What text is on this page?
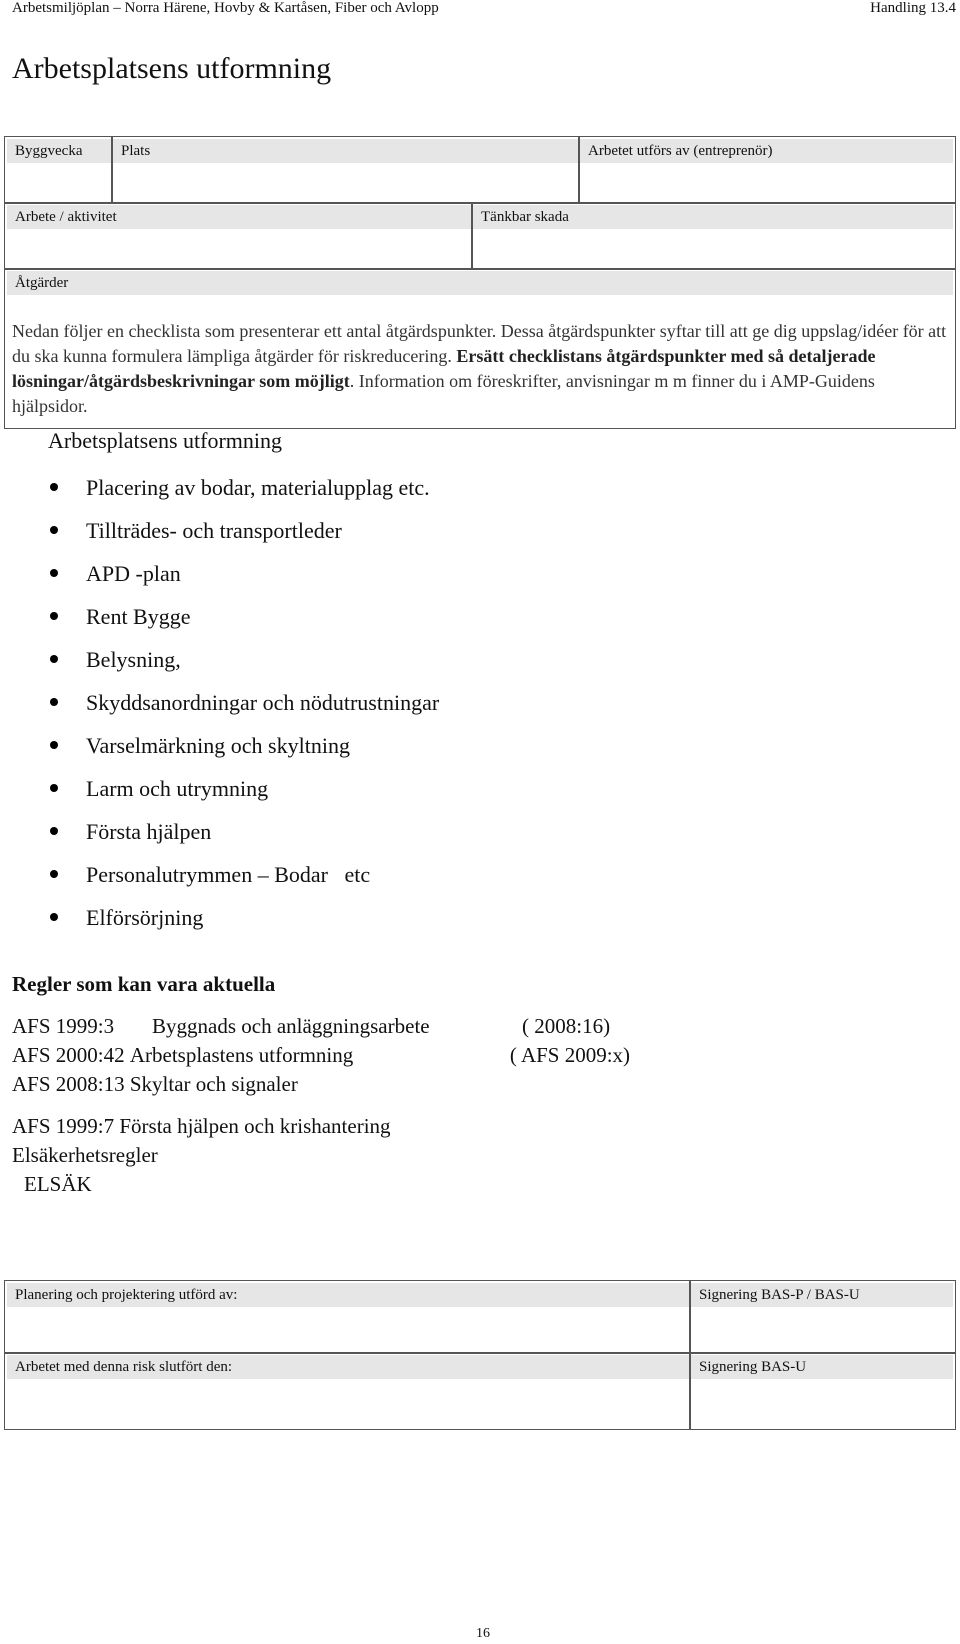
Arbetsmiljöplan – Norra Härene, Hovby & Kartåsen, Fiber och Avlopp	Handling 13.4
Arbetsplatsens utformning
Byggvecka	Plats	Arbetet utförs av (entreprenör)
Arbete / aktivitet	Tänkbar skada
Åtgärder
Nedan följer en checklista som presenterar ett antal åtgärdspunkter. Dessa åtgärdspunkter syftar till att ge dig uppslag/idéer för att du ska kunna formulera lämpliga åtgärder för riskreducering. Ersätt checklistans åtgärdspunkter med så detaljerade lösningar/åtgärdsbeskrivningar som möjligt. Information om föreskrifter, anvisningar m m finner du i AMP-Guidens hjälpsidor.
Arbetsplatsens utformning
Placering av bodar, materialupplag etc.
Tillträdes- och transportleder
APD -plan
Rent Bygge
Belysning,
Skyddsanordningar och nödutrustningar
Varselmärkning och skyltning
Larm och utrymning
Första hjälpen
Personalutrymmen – Bodar   etc
Elförsörjning
Regler som kan vara aktuella
AFS 1999:3 Byggnads och anläggningsarbete	( 2008:16)
AFS 2000:42 Arbetsplastens utformning	( AFS 2009:x)
AFS 2008:13 Skyltar och signaler
AFS 1999:7 Första hjälpen och krishantering
Elsäkerhetsregler
ELSÄK
Planering och projektering utförd av:	Signering BAS-P / BAS-U
Arbetet med denna risk slutfört den:	Signering BAS-U
16
